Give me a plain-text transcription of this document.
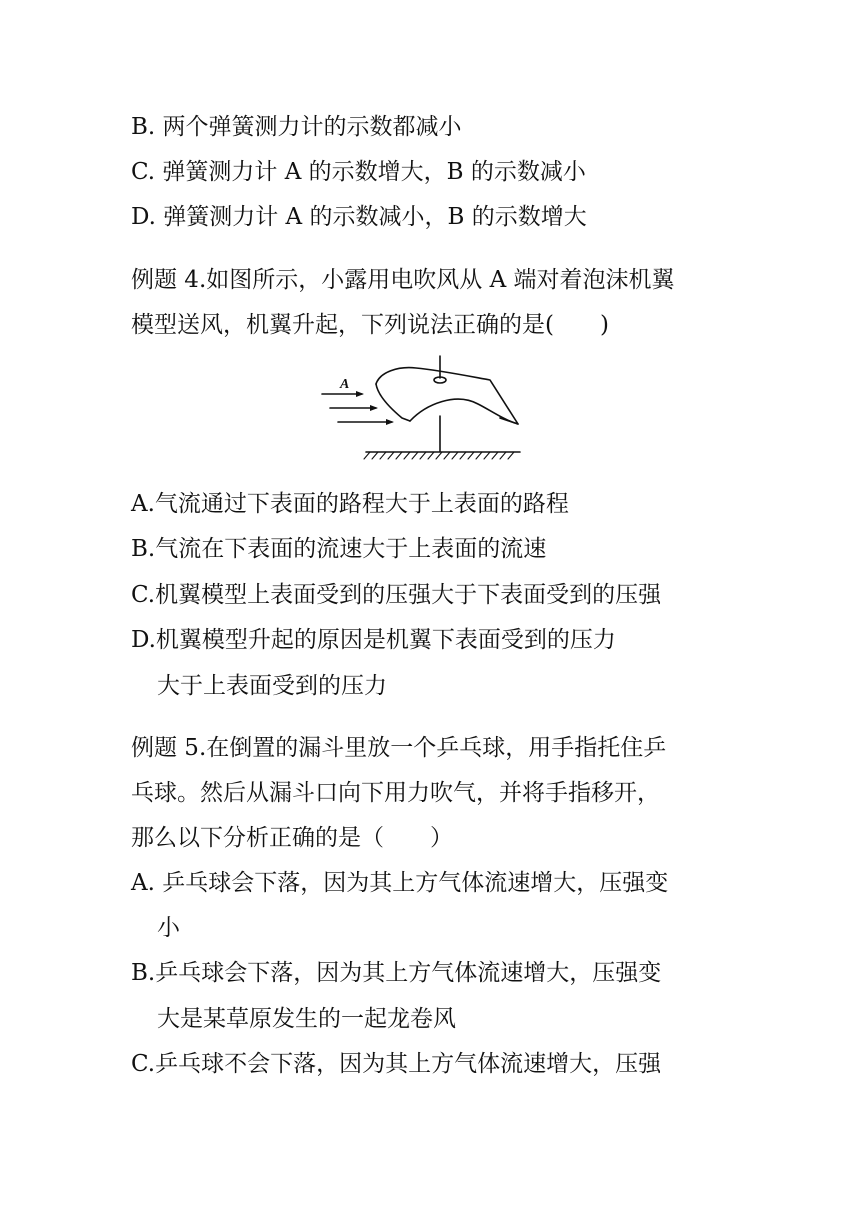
B. 两个弹簧测力计的示数都减小
C. 弹簧测力计 A 的示数增大，B 的示数减小
D. 弹簧测力计 A 的示数减小，B 的示数增大
例题 4.如图所示，小露用电吹风从 A 端对着泡沫机翼
模型送风，机翼升起，下列说法正确的是(　　)
A
A.气流通过下表面的路程大于上表面的路程
B.气流在下表面的流速大于上表面的流速
C.机翼模型上表面受到的压强大于下表面受到的压强
D.机翼模型升起的原因是机翼下表面受到的压力
大于上表面受到的压力
例题 5.在倒置的漏斗里放一个乒乓球，用手指托住乒
乓球。然后从漏斗口向下用力吹气，并将手指移开，
那么以下分析正确的是（　　）
A. 乒乓球会下落，因为其上方气体流速增大，压强变
小
B.乒乓球会下落，因为其上方气体流速增大，压强变
大是某草原发生的一起龙卷风
C.乒乓球不会下落，因为其上方气体流速增大，压强
